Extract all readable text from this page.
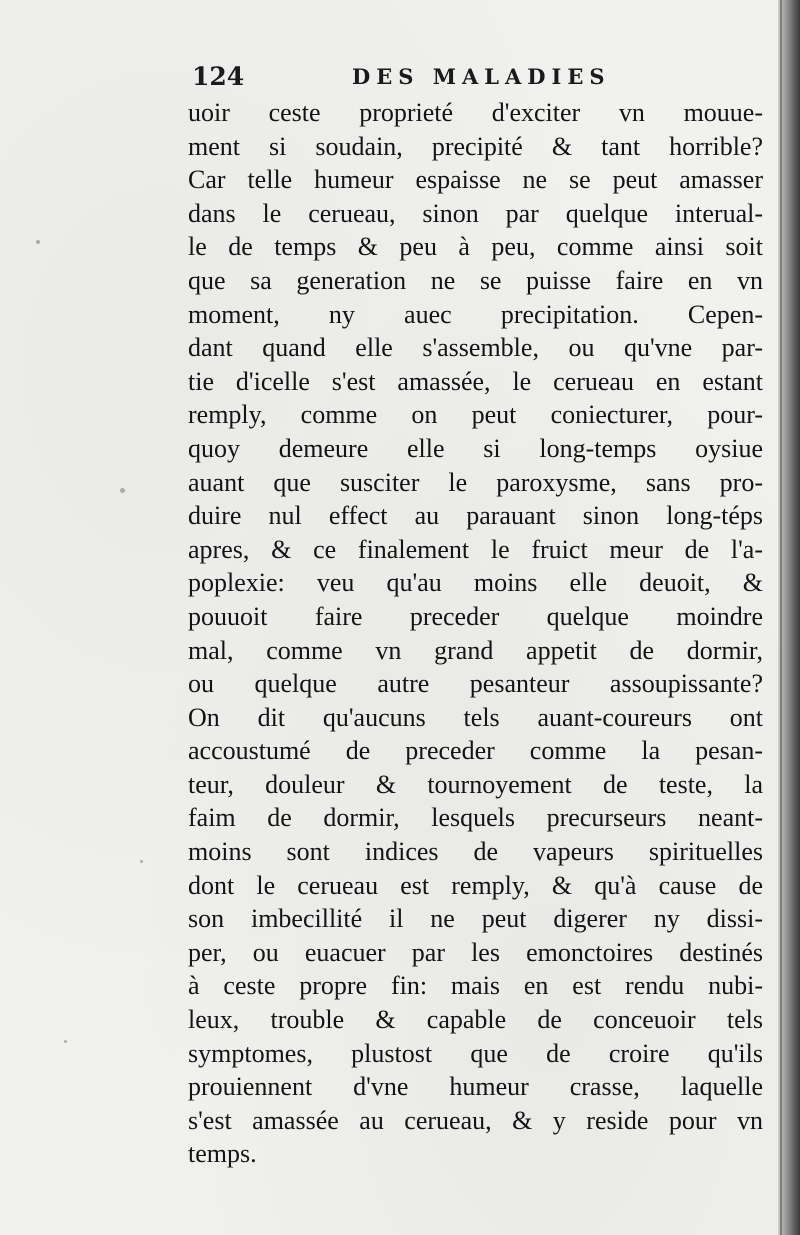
124	DES MALADIES
uoir ceste proprieté d'exciter vn mouue-
ment si soudain, precipité & tant horrible?
Car telle humeur espaisse ne se peut amasser
dans le cerueau, sinon par quelque interual-
le de temps & peu à peu, comme ainsi soit
que sa generation ne se puisse faire en vn
moment, ny auec precipitation. Cepen-
dant quand elle s'assemble, ou qu'vne par-
tie d'icelle s'est amassée, le cerueau en estant
remply, comme on peut coniecturer, pour-
quoy demeure elle si long-temps oysiue
auant que susciter le paroxysme, sans pro-
duire nul effect au parauant sinon long-téps
apres, & ce finalement le fruict meur de l'a-
poplexie: veu qu'au moins elle deuoit, &
pouuoit faire preceder quelque moindre
mal, comme vn grand appetit de dormir,
ou quelque autre pesanteur assoupissante?
On dit qu'aucuns tels auant-coureurs ont
accoustumé de preceder comme la pesan-
teur, douleur & tournoyement de teste, la
faim de dormir, lesquels precurseurs neant-
moins sont indices de vapeurs spirituelles
dont le cerueau est remply, & qu'à cause de
son imbecillité il ne peut digerer ny dissi-
per, ou euacuer par les emonctoires destinés
à ceste propre fin: mais en est rendu nubi-
leux, trouble & capable de conceuoir tels
symptomes, plustost que de croire qu'ils
prouiennent d'vne humeur crasse, laquelle
s'est amassée au cerueau, & y reside pour vn
temps.
